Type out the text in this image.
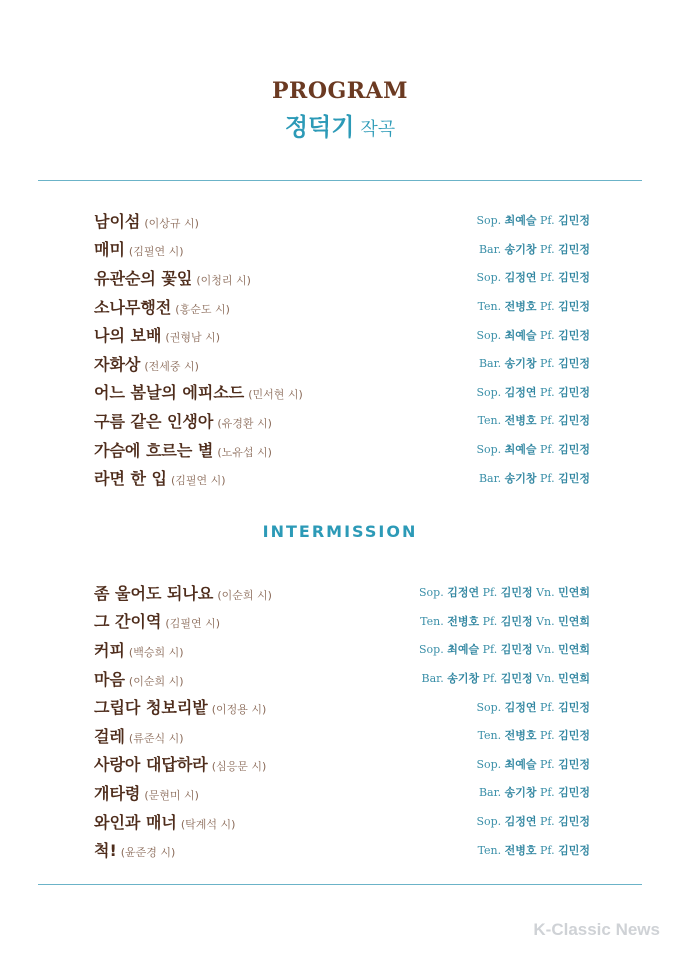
PROGRAM
정덕기 작곡
남이섬 (이상규 시)	Sop. 최예슬 Pf. 김민정
매미 (김필연 시)	Bar. 송기창 Pf. 김민정
유관순의 꽃잎 (이청리 시)	Sop. 김정연 Pf. 김민정
소나무행전 (홍순도 시)	Ten. 전병호 Pf. 김민정
나의 보배 (권형남 시)	Sop. 최예슬 Pf. 김민정
자화상 (전세중 시)	Bar. 송기창 Pf. 김민정
어느 봄날의 에피소드 (민서현 시)	Sop. 김정연 Pf. 김민정
구름 같은 인생아 (유경환 시)	Ten. 전병호 Pf. 김민정
가슴에 흐르는 별 (노유섭 시)	Sop. 최예슬 Pf. 김민정
라면 한 입 (김필연 시)	Bar. 송기창 Pf. 김민정
INTERMISSION
좀 울어도 되나요 (이순희 시)	Sop. 김정연 Pf. 김민정 Vn. 민연희
그 간이역 (김필연 시)	Ten. 전병호 Pf. 김민정 Vn. 민연희
커피 (백승희 시)	Sop. 최예슬 Pf. 김민정 Vn. 민연희
마음 (이순희 시)	Bar. 송기창 Pf. 김민정 Vn. 민연희
그립다 청보리밭 (이정용 시)	Sop. 김정연 Pf. 김민정
걸레 (류준식 시)	Ten. 전병호 Pf. 김민정
사랑아 대답하라 (심응문 시)	Sop. 최예슬 Pf. 김민정
개타령 (문현미 시)	Bar. 송기창 Pf. 김민정
와인과 매너 (탁계석 시)	Sop. 김정연 Pf. 김민정
척! (윤준경 시)	Ten. 전병호 Pf. 김민정
K-Classic News
